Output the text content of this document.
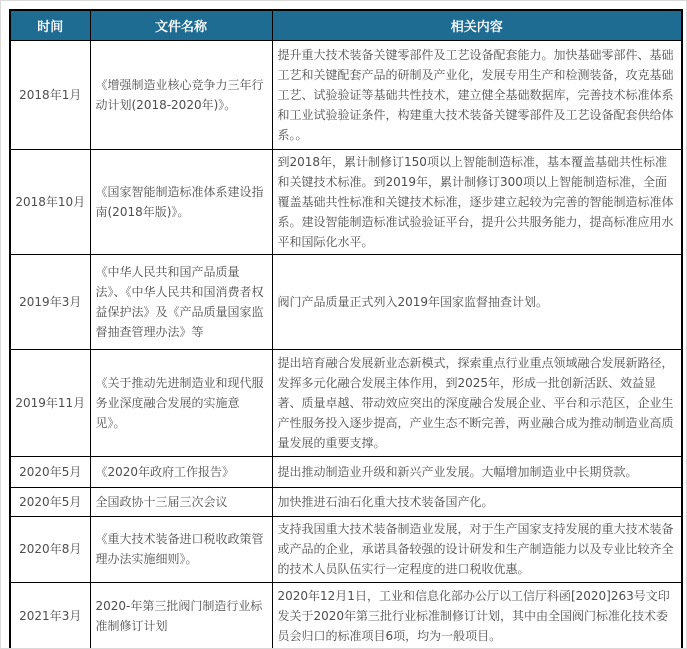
时间	文件名称	相关内容
2018年1月	《增强制造业核心竞争力三年行动计划(2018-2020年)》。	提升重大技术装备关键零部件及工艺设备配套能力。加快基础零部件、基础工艺和关键配套产品的研制及产业化，发展专用生产和检测装备，攻克基础工艺、试验验证等基础共性技术，建立健全基础数据库，完善技术标准体系和工业试验验证条件，构建重大技术装备关键零部件及工艺设备配套供给体系。。
2018年10月	《国家智能制造标准体系建设指南(2018年版)》。	到2018年，累计制修订150项以上智能制造标准，基本覆盖基础共性标准和关键技术标准。到2019年，累计制修订300项以上智能制造标准，全面覆盖基础共性标准和关键技术标准，逐步建立起较为完善的智能制造标准体系。建设智能制造标准试验验证平台，提升公共服务能力，提高标准应用水平和国际化水平。
2019年3月	《中华人民共和国产品质量法》、《中华人民共和国消费者权益保护法》及《产品质量国家监督抽查管理办法》等	阀门产品质量正式列入2019年国家监督抽查计划。
2019年11月	《关于推动先进制造业和现代服务业深度融合发展的实施意见》。	提出培育融合发展新业态新模式，探索重点行业重点领域融合发展新路径，发挥多元化融合发展主体作用，到2025年，形成一批创新活跃、效益显著、质量卓越、带动效应突出的深度融合发展企业、平台和示范区，企业生产性服务投入逐步提高，产业生态不断完善，两业融合成为推动制造业高质量发展的重要支撑。
2020年5月	《2020年政府工作报告》	提出推动制造业升级和新兴产业发展。大幅增加制造业中长期贷款。
2020年5月	全国政协十三届三次会议	加快推进石油石化重大技术装备国产化。
2020年8月	《重大技术装备进口税收政策管理办法实施细则》。	支持我国重大技术装备制造业发展，对于生产国家支持发展的重大技术装备或产品的企业，承诺具备较强的设计研发和生产制造能力以及专业比较齐全的技术人员队伍实行一定程度的进口税收优惠。
2021年3月	2020-年第三批阀门制造行业标准制修订计划	2020年12月1日，工业和信息化部办公厅以工信厅科函[2020]263号文印发关于2020年第三批行业标准制修订计划，其中由全国阀门标准化技术委员会归口的标准项目6项，均为一般项目。
